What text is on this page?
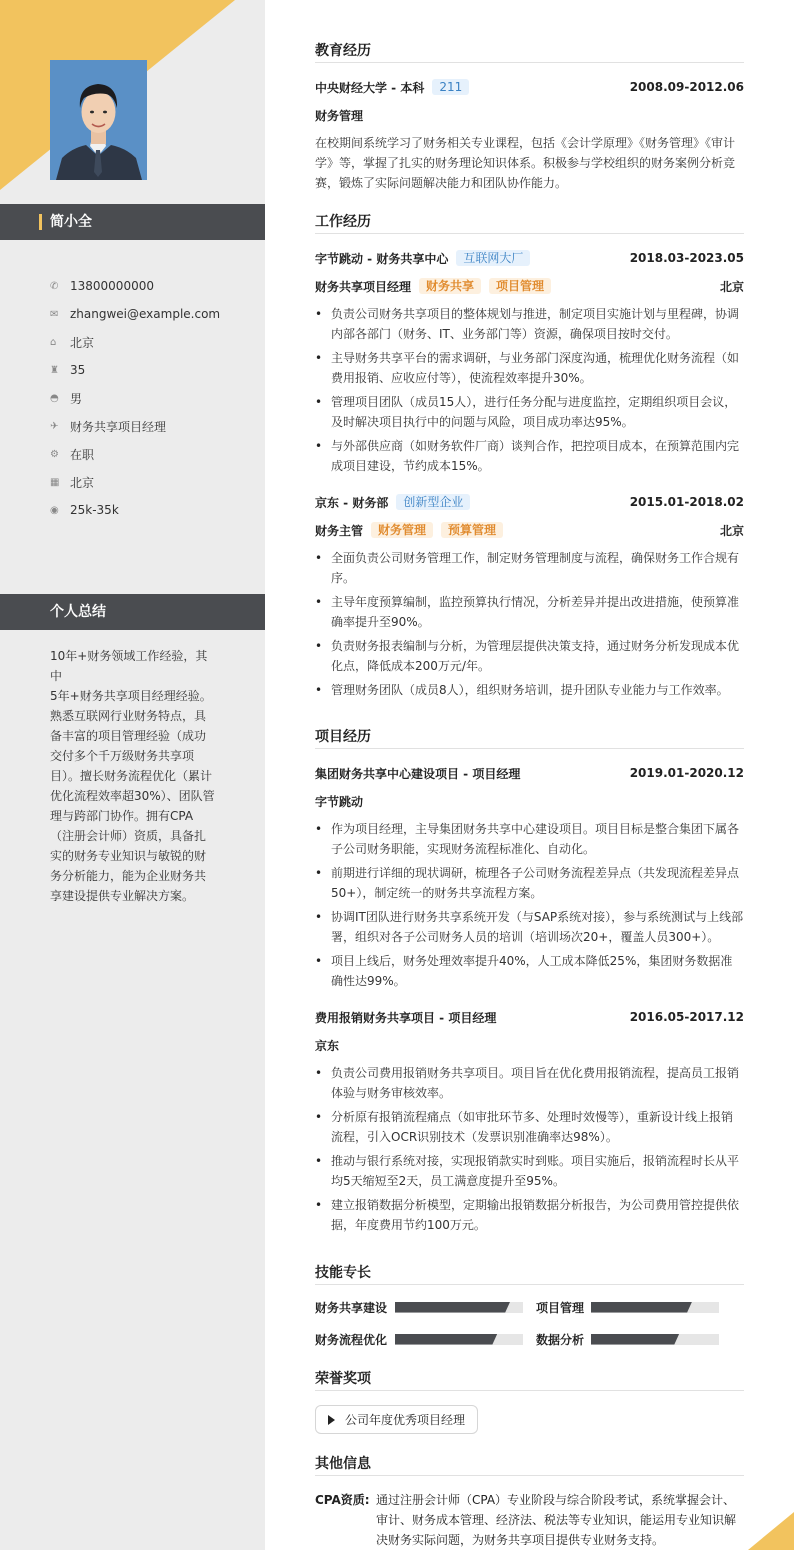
简小全
✆ 13800000000
✉ zhangwei@example.com
⌂	北京
♜ 35
◓ 男
✈ 财务共享项目经理
⚙ 在职
▦ 北京
◉ 25k-35k
个人总结
10年+财务领域工作经验，其中
5年+财务共享项目经理经验。
熟悉互联网行业财务特点，具
备丰富的项目管理经验（成功
交付多个千万级财务共享项
目）。擅长财务流程优化（累计
优化流程效率超30%）、团队管
理与跨部门协作。拥有CPA
（注册会计师）资质，具备扎
实的财务专业知识与敏锐的财
务分析能力，能为企业财务共
享建设提供专业解决方案。
教育经历
中央财经大学 - 本科	211	2008.09-2012.06
财务管理
在校期间系统学习了财务相关专业课程，包括《会计学原理》《财务管理》《审计学》等，掌握了扎实的财务理论知识体系。积极参与学校组织的财务案例分析竞赛，锻炼了实际问题解决能力和团队协作能力。
工作经历
字节跳动 - 财务共享中心	互联网大厂	2018.03-2023.05
财务共享项目经理	财务共享	项目管理	北京
• 负责公司财务共享项目的整体规划与推进，制定项目实施计划与里程碑，协调内部各部门（财务、IT、业务部门等）资源，确保项目按时交付。
• 主导财务共享平台的需求调研，与业务部门深度沟通，梳理优化财务流程（如费用报销、应收应付等），使流程效率提升30%。
• 管理项目团队（成员15人），进行任务分配与进度监控，定期组织项目会议，及时解决项目执行中的问题与风险，项目成功率达95%。
• 与外部供应商（如财务软件厂商）谈判合作，把控项目成本，在预算范围内完成项目建设，节约成本15%。
京东 - 财务部	创新型企业	2015.01-2018.02
财务主管	财务管理	预算管理	北京
• 全面负责公司财务管理工作，制定财务管理制度与流程，确保财务工作合规有序。
• 主导年度预算编制，监控预算执行情况，分析差异并提出改进措施，使预算准确率提升至90%。
• 负责财务报表编制与分析，为管理层提供决策支持，通过财务分析发现成本优化点，降低成本200万元/年。
• 管理财务团队（成员8人），组织财务培训，提升团队专业能力与工作效率。
项目经历
集团财务共享中心建设项目 - 项目经理	2019.01-2020.12
字节跳动
• 作为项目经理，主导集团财务共享中心建设项目。项目目标是整合集团下属各子公司财务职能，实现财务流程标准化、自动化。
• 前期进行详细的现状调研，梳理各子公司财务流程差异点（共发现流程差异点50+），制定统一的财务共享流程方案。
• 协调IT团队进行财务共享系统开发（与SAP系统对接），参与系统测试与上线部署，组织对各子公司财务人员的培训（培训场次20+，覆盖人员300+）。
• 项目上线后，财务处理效率提升40%，人工成本降低25%，集团财务数据准确性达99%。
费用报销财务共享项目 - 项目经理	2016.05-2017.12
京东
• 负责公司费用报销财务共享项目。项目旨在优化费用报销流程，提高员工报销体验与财务审核效率。
• 分析原有报销流程痛点（如审批环节多、处理时效慢等），重新设计线上报销流程，引入OCR识别技术（发票识别准确率达98%）。
• 推动与银行系统对接，实现报销款实时到账。项目实施后，报销流程时长从平均5天缩短至2天，员工满意度提升至95%。
• 建立报销数据分析模型，定期输出报销数据分析报告，为公司费用管控提供依据，年度费用节约100万元。
技能专长
财务共享建设	项目管理
财务流程优化	数据分析
荣誉奖项
公司年度优秀项目经理
其他信息
CPA资质: 通过注册会计师（CPA）专业阶段与综合阶段考试，系统掌握会计、审计、财务成本管理、经济法、税法等专业知识，能运用专业知识解决财务实际问题，为财务共享项目提供专业财务支持。
